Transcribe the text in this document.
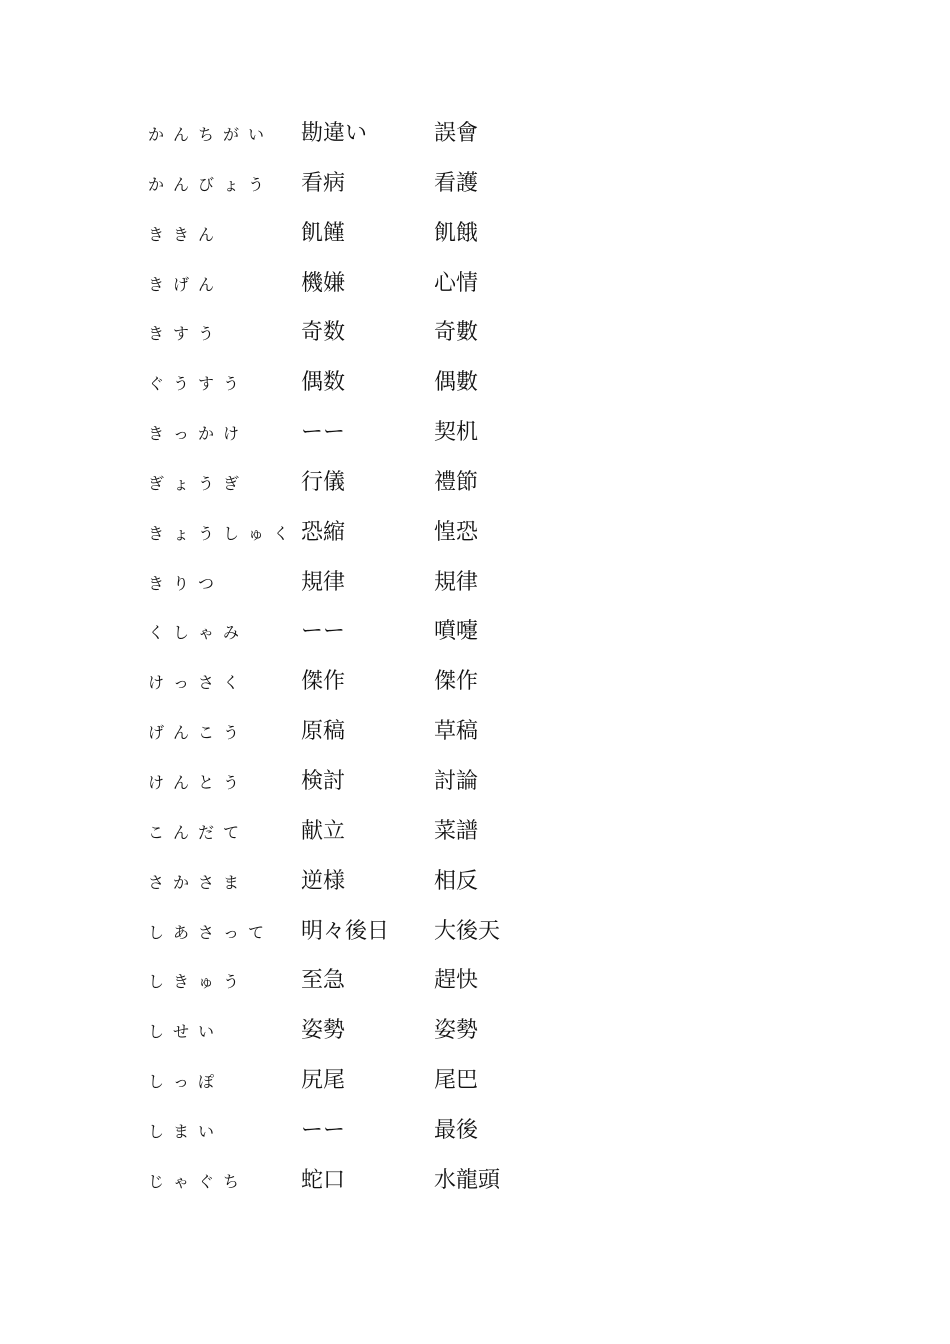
かんちがい 勘違い	誤會
かんびょう 看病	看護
ききん	飢饉	飢餓
きげん	機嫌	心情
きすう	奇数	奇數
ぐうすう 偶数	偶數
きっかけ ーー	契机
ぎょうぎ 行儀	禮節
きょうしゅく 恐縮	惶恐
きりつ	規律	規律
くしゃみ ーー	噴嚏
けっさく 傑作	傑作
げんこう 原稿	草稿
けんとう 検討	討論
こんだて 献立	菜譜
さかさま 逆様	相反
しあさって 明々後日 大後天
しきゅう 至急	趕快
しせい	姿勢	姿勢
しっぽ	尻尾	尾巴
しまい	ーー	最後
じゃぐち 蛇口	水龍頭
